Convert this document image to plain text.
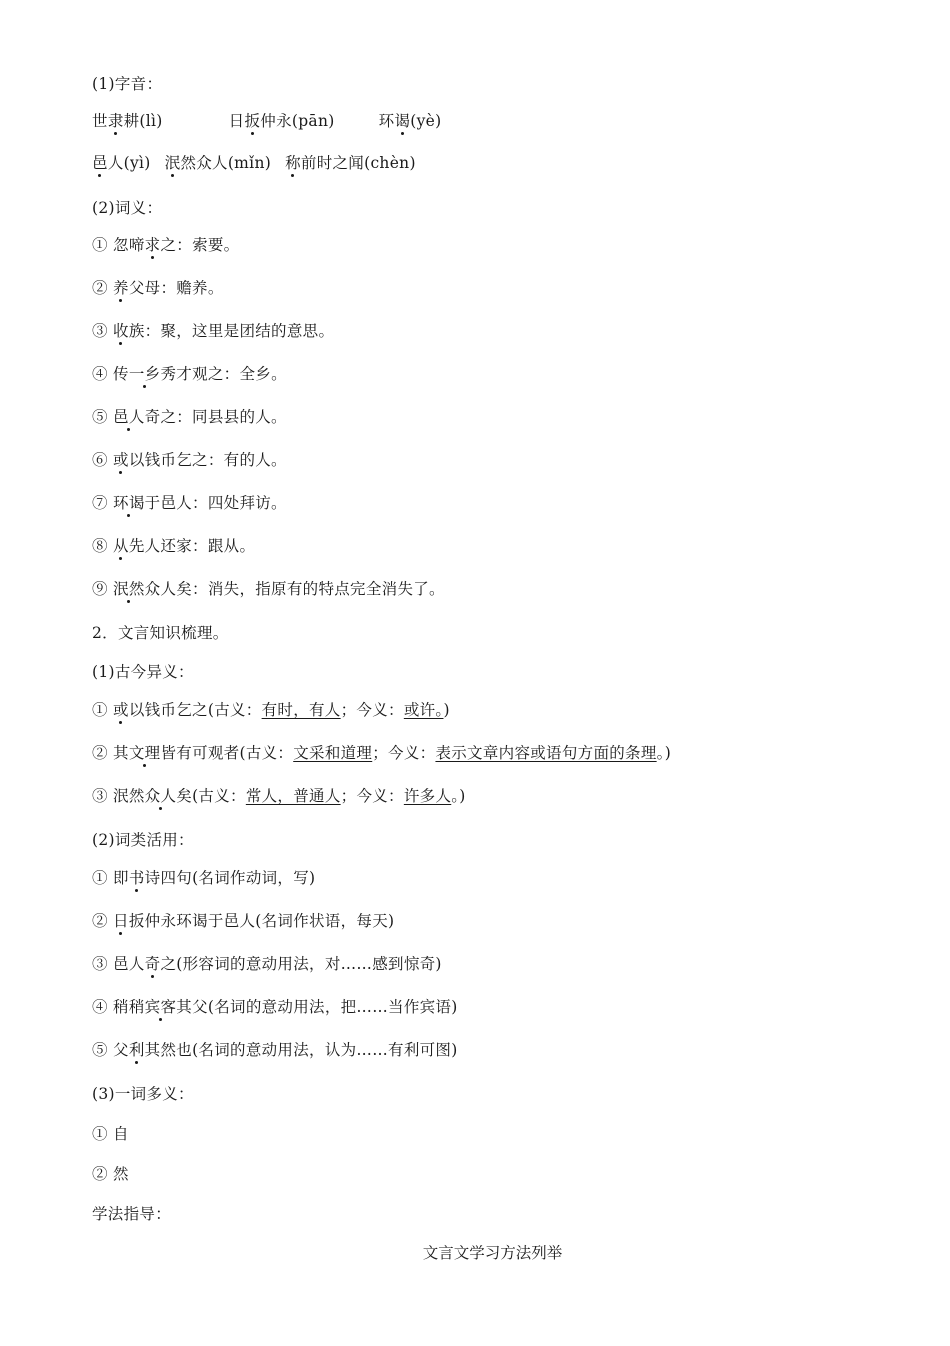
(1)字音：

世隶耕(lì)	日扳仲永(pān)	环谒(yè)

邑人(yì) 泯然众人(mǐn) 称前时之闻(chèn)

(2)词义：

① 忽啼求之：索要。

② 养父母：赡养。

③ 收族：聚，这里是团结的意思。

④ 传一乡秀才观之：全乡。

⑤ 邑人奇之：同县县的人。

⑥ 或以钱币乞之：有的人。

⑦ 环谒于邑人：四处拜访。

⑧ 从先人还家：跟从。

⑨ 泯然众人矣：消失，指原有的特点完全消失了。

2．文言知识梳理。

(1)古今异义：

① 或以钱币乞之(古义：有时，有人；今义：或许。)

② 其文理皆有可观者(古义：文采和道理；今义：表示文章内容或语句方面的条理。)

③ 泯然众人矣(古义：常人，普通人；今义：许多人。)

(2)词类活用：

① 即书诗四句(名词作动词，写)

② 日扳仲永环谒于邑人(名词作状语，每天)

③ 邑人奇之(形容词的意动用法，对……感到惊奇)

④ 稍稍宾客其父(名词的意动用法，把……当作宾语)

⑤ 父利其然也(名词的意动用法，认为……有利可图)

(3)一词多义：

① 自

② 然

学法指导：

文言文学习方法列举
